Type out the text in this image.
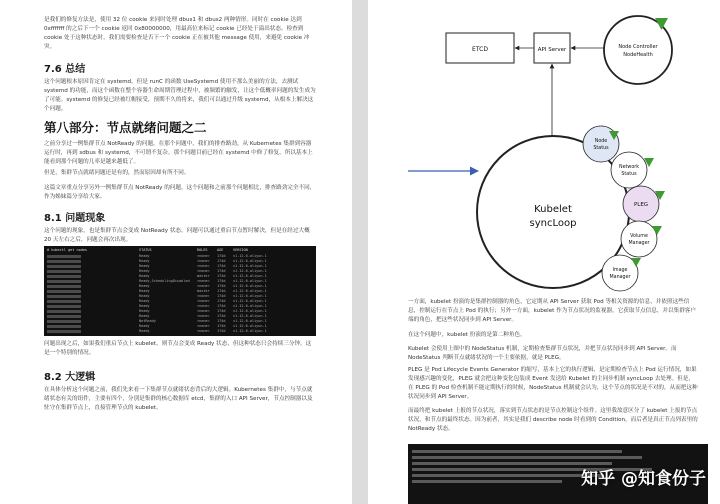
是我们的修复方法是，使用 32 位 cookie 来同时处理 dbus1 和 dbus2 两种情形。同时在 cookie 达到 0xfffffff 的之后下一个 cookie 返回 0x80000000，用最高位来标记 cookie 已经处于溢出状态。检查到 cookie 处于这种状态时，我们需要检查是否下一个 cookie 正在被其他 message 使用，来避免 cookie 冲突。

7.6 总结

这个问题根本原因肯定在 systemd，但是 runC 的函数 UseSystemd 使用不那么美丽的方法，去测试 systemd 的功能，而这个函数在整个容器生命周期管理过程中，被频繁的触发，让这个低概率问题的发生成为了可能。systemd 的修复已经被红帽接受，预期不久的将来，我们可以通过升级 systemd，从根本上解决这个问题。

第八部分：节点就绪问题之二

之前分享过一例集群节点 NotReady 的问题。在那个问题中，我们的排查路劲，从 Kubernetes 集群到容器运行时，再到 sdbus 和 systemd，不可谓不复杂。那个问题目前已经在 systemd 中修了修复，所以基本上能看到那个问题的几率是越来越低了。

但是，集群节点就绪问题还是有的，然而原因却有所不同。

这篇文章重点分享另外一例集群节点 NotReady 的问题。这个问题和之前那个问题相比，排查路劲完全不同，作为姊妹篇分享给大家。

8.1 问题现象

这个问题的现象，也是集群节点会变成 NotReady 状态。问题可以通过重启节点暂时解决，但是在经过大概 20 天左右之后，问题会再次出现。

# kubectl get nodes	STATUS	ROLES	AGE	VERSION
Ready	<none> 174d v1.12.6-aliyun.1
Ready	<none> 174d v1.12.6-aliyun.1
Ready	<none> 174d v1.12.6-aliyun.1
Ready	<none> 174d v1.12.6-aliyun.1
Ready	master 174d v1.12.6-aliyun.1
Ready,SchedulingDisabled <none> 174d v1.12.6-aliyun.1
Ready	<none> 174d v1.12.6-aliyun.1
Ready	master 174d v1.12.6-aliyun.1
Ready	<none> 174d v1.12.6-aliyun.1
Ready	<none> 174d v1.12.6-aliyun.1
Ready	<none> 174d v1.12.6-aliyun.1
Ready	<none> 174d v1.12.6-aliyun.1
Ready	<none> 174d v1.12.6-aliyun.1
NotReady	<none> 174d v1.12.6-aliyun.1
Ready	<none> 174d v1.12.6-aliyun.1
Ready	<none> 174d v1.12.6-aliyun.1

问题出现之后，如果我们重启节点上 kubelet，则节点会变成 Ready 状态，但这种状态只会持续三分钟。这是一个特别的情况。

8.2 大逻辑

在具体分析这个问题之前，我们先来看一下集群节点就绪状态背后的大逻辑。Kubernetes 集群中，与节点就绪状态有关的组件，主要有四个，分别是集群的核心数据库 etcd，集群的入口 API Server，节点控制器以及驻守在集群节点上，直接管理节点的 kubelet。

ETCD	API Server	Node Controller
NodeHealth
Kubelet
syncLoop
Node
Status
Network
Status
PLEG
Volume
Manager
Image
Manager

一方面，kubelet 扮演的是集群控制器的角色，它定期从 API Server 获取 Pod 等相关资源的信息，并依照这些信息，控制运行在节点上 Pod 的执行；另外一方面，kubelet 作为节点状况的监视器，它获取节点信息，并以集群客户端的角色，把这些状况同步到 API Server。

在这个问题中，kubelet 扮演的是第二种角色。

Kubelet 会使用上图中的 NodeStatus 机制，定期检查集群节点状况，并把节点状况同步到 API Server。而 NodeStatus 判断节点就绪状况的一个主要依据，就是 PLEG。

PLEG 是 Pod Lifecycle Events Generator 的缩写，基本上它的执行逻辑，是定期检查节点上 Pod 运行情况，如果发现感兴趣的变化，PLEG 就会把这种变化包装成 Event 发送给 Kubelet 的主同步机制 syncLoop 去处理。但是，在 PLEG 的 Pod 检查机制不能定期执行的时候，NodeStatus 机制就会认为，这个节点的状况是不对的，从而把这种状况同步到 API Server。

而最终把 kubelet 上报的节点状况，落实到节点状态的是节点控制这个组件。这里我故意区分了 kubelet 上报的节点状况，和节点的最终状态。因为前者，其实是我们 describe node 时看到的 Condition，而后者是真正节点列表里的 NotReady 状态。

知乎 @知食份子
